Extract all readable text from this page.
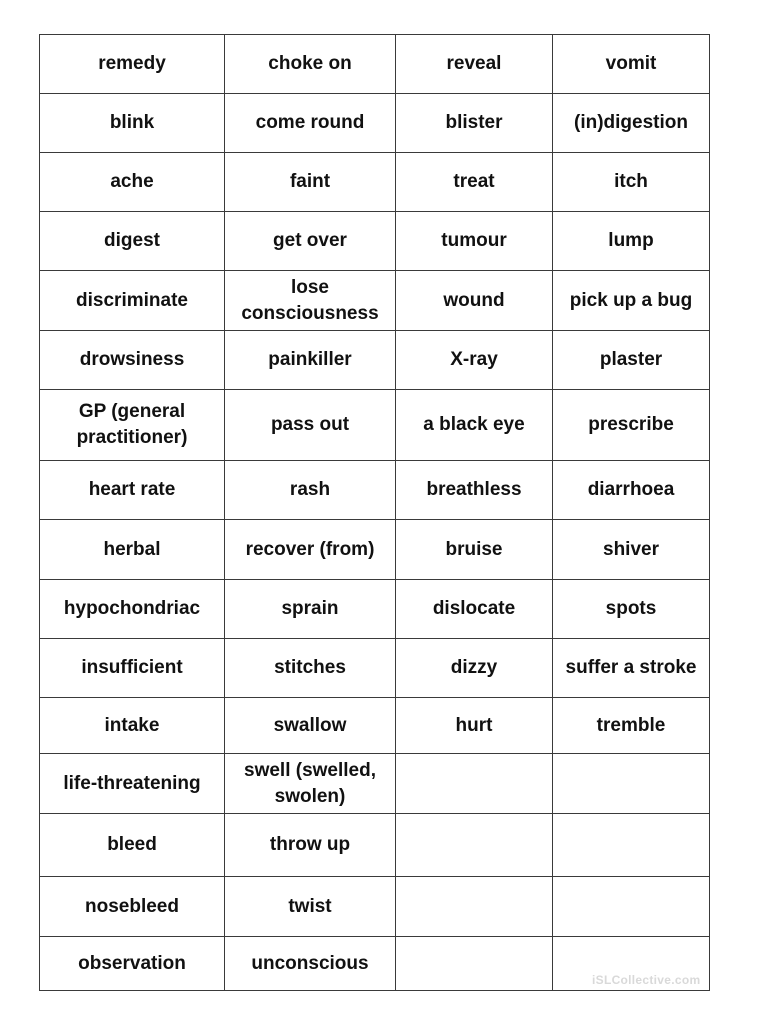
remedy	choke on	reveal	vomit
blink	come round	blister	(in)digestion
ache	faint	treat	itch
digest	get over	tumour	lump
discriminate	lose consciousness	wound	pick up a bug
drowsiness	painkiller	X-ray	plaster
GP (general practitioner)	pass out	a black eye	prescribe
heart rate	rash	breathless	diarrhoea
herbal	recover (from)	bruise	shiver
hypochondriac	sprain	dislocate	spots
insufficient	stitches	dizzy	suffer a stroke
intake	swallow	hurt	tremble
life-threatening	swell (swelled, swolen)		
bleed	throw up		
nosebleed	twist		
observation	unconscious		
iSLCollective.com
